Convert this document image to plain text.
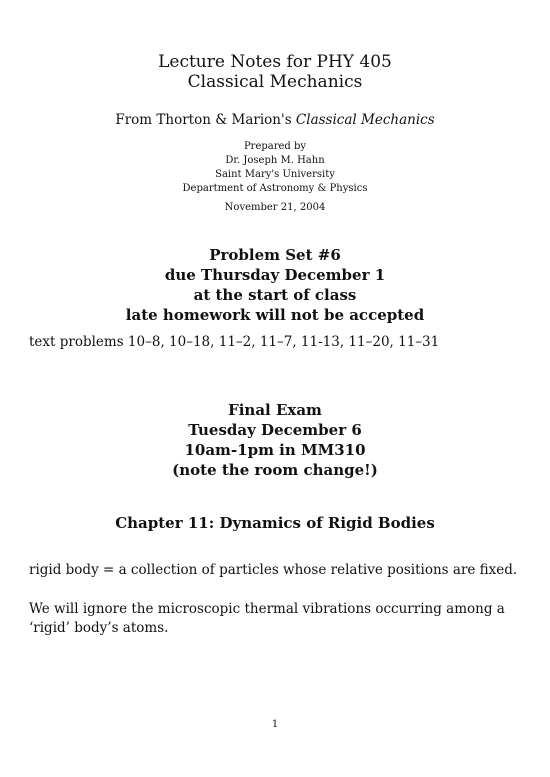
Lecture Notes for PHY 405
Classical Mechanics
From Thorton & Marion's Classical Mechanics
Prepared by
Dr. Joseph M. Hahn
Saint Mary's University
Department of Astronomy & Physics
November 21, 2004
Problem Set #6
due Thursday December 1
at the start of class
late homework will not be accepted
text problems 10–8, 10–18, 11–2, 11–7, 11-13, 11–20, 11–31
Final Exam
Tuesday December 6
10am-1pm in MM310
(note the room change!)
Chapter 11: Dynamics of Rigid Bodies
rigid body = a collection of particles whose relative positions are fixed.
We will ignore the microscopic thermal vibrations occurring among a ‘rigid’ body’s atoms.
1
